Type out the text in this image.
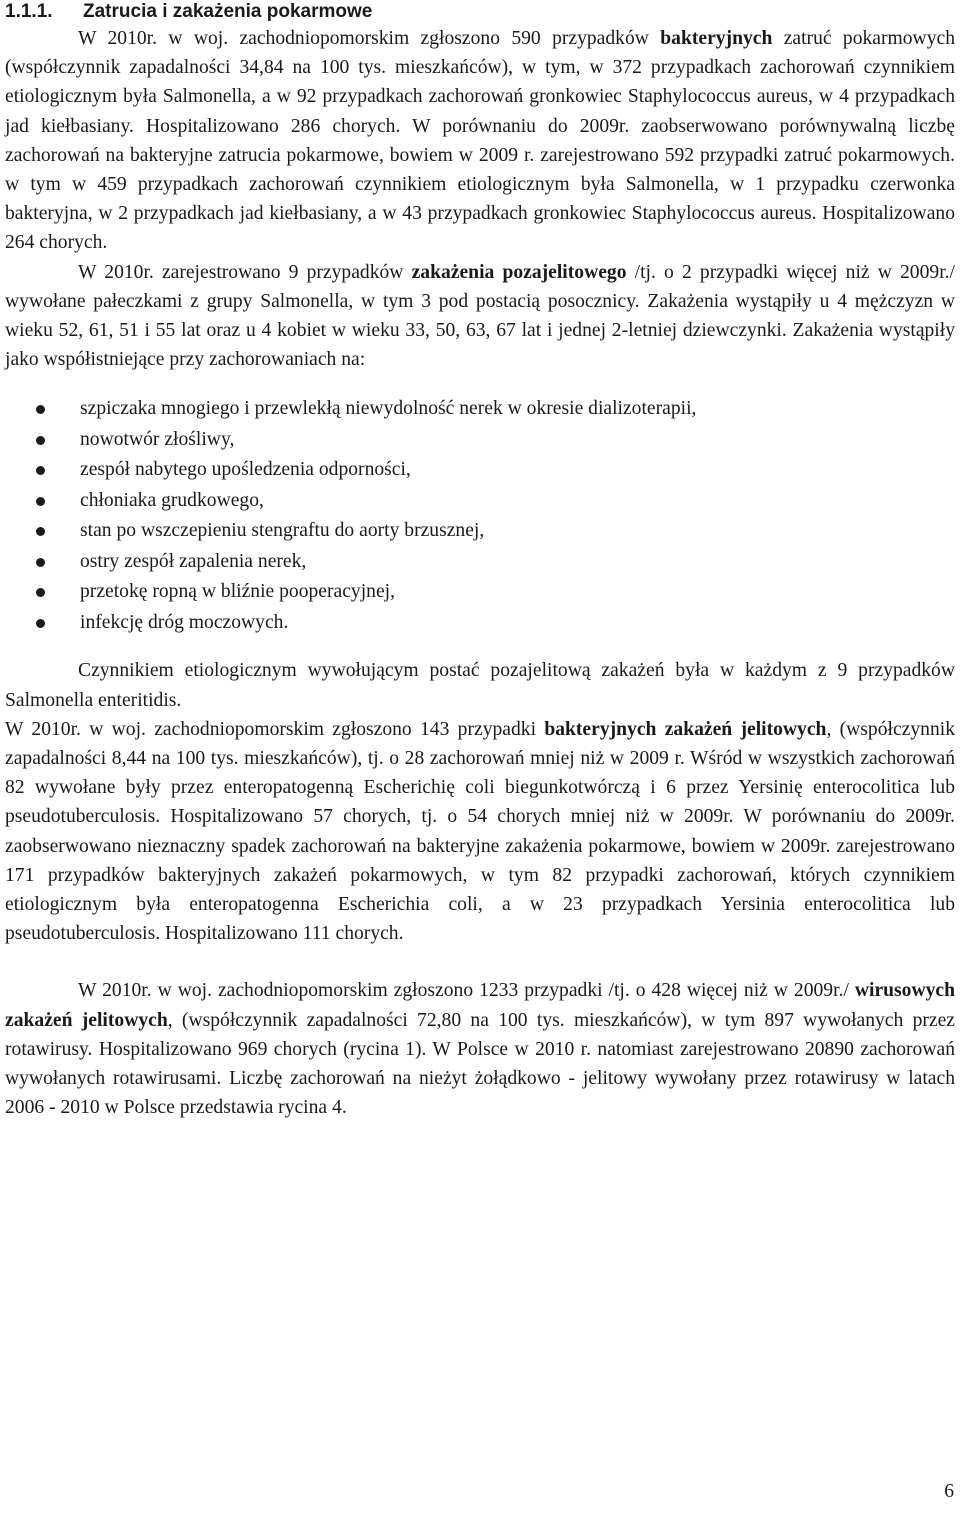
1.1.1.	Zatrucia i zakażenia pokarmowe

W 2010r. w woj. zachodniopomorskim zgłoszono 590 przypadków bakteryjnych zatruć pokarmowych (współczynnik zapadalności 34,84 na 100 tys. mieszkańców), w tym, w 372 przypadkach zachorowań czynnikiem etiologicznym była Salmonella, a w 92 przypadkach zachorowań gronkowiec Staphylococcus aureus, w 4 przypadkach jad kiełbasiany. Hospitalizowano 286 chorych. W porównaniu do 2009r. zaobserwowano porównywalną liczbę zachorowań na bakteryjne zatrucia pokarmowe, bowiem w 2009 r. zarejestrowano 592 przypadki zatruć pokarmowych. w tym w 459 przypadkach zachorowań czynnikiem etiologicznym była Salmonella, w 1 przypadku czerwonka bakteryjna, w 2 przypadkach jad kiełbasiany, a w 43 przypadkach gronkowiec Staphylococcus aureus. Hospitalizowano 264 chorych.

W 2010r. zarejestrowano 9 przypadków zakażenia pozajelitowego /tj. o 2 przypadki więcej niż w 2009r./ wywołane pałeczkami z grupy Salmonella, w tym 3 pod postacią posocznicy. Zakażenia wystąpiły u 4 mężczyzn w wieku 52, 61, 51 i 55 lat oraz u 4 kobiet w wieku 33, 50, 63, 67 lat i jednej 2-letniej dziewczynki. Zakażenia wystąpiły jako współistniejące przy zachorowaniach na:

szpiczaka mnogiego i przewlekłą niewydolność nerek w okresie dializoterapii,
nowotwór złośliwy,
zespół nabytego upośledzenia odporności,
chłoniaka grudkowego,
stan po wszczepieniu stengraftu do aorty brzusznej,
ostry zespół zapalenia nerek,
przetokę ropną w bliźnie pooperacyjnej,
infekcję dróg moczowych.

Czynnikiem etiologicznym wywołującym postać pozajelitową zakażeń była w każdym z 9 przypadków Salmonella enteritidis.

W 2010r. w woj. zachodniopomorskim zgłoszono 143 przypadki bakteryjnych zakażeń jelitowych, (współczynnik zapadalności 8,44 na 100 tys. mieszkańców), tj. o 28 zachorowań mniej niż w 2009 r. Wśród w wszystkich zachorowań 82 wywołane były przez enteropatogenną Escherichię coli biegunkotwórczą i 6 przez Yersinię enterocolitica lub pseudotuberculosis. Hospitalizowano 57 chorych, tj. o 54 chorych mniej niż w 2009r. W porównaniu do 2009r. zaobserwowano nieznaczny spadek zachorowań na bakteryjne zakażenia pokarmowe, bowiem w 2009r. zarejestrowano 171 przypadków bakteryjnych zakażeń pokarmowych, w tym 82 przypadki zachorowań, których czynnikiem etiologicznym była enteropatogenna Escherichia coli, a w 23 przypadkach Yersinia enterocolitica lub pseudotuberculosis. Hospitalizowano 111 chorych.

W 2010r. w woj. zachodniopomorskim zgłoszono 1233 przypadki /tj. o 428 więcej niż w 2009r./ wirusowych zakażeń jelitowych, (współczynnik zapadalności 72,80 na 100 tys. mieszkańców), w tym 897 wywołanych przez rotawirusy. Hospitalizowano 969 chorych (rycina 1). W Polsce w 2010 r. natomiast zarejestrowano 20890 zachorowań wywołanych rotawirusami. Liczbę zachorowań na nieżyt żołądkowo - jelitowy wywołany przez rotawirusy w latach 2006 - 2010 w Polsce przedstawia rycina 4.

6
